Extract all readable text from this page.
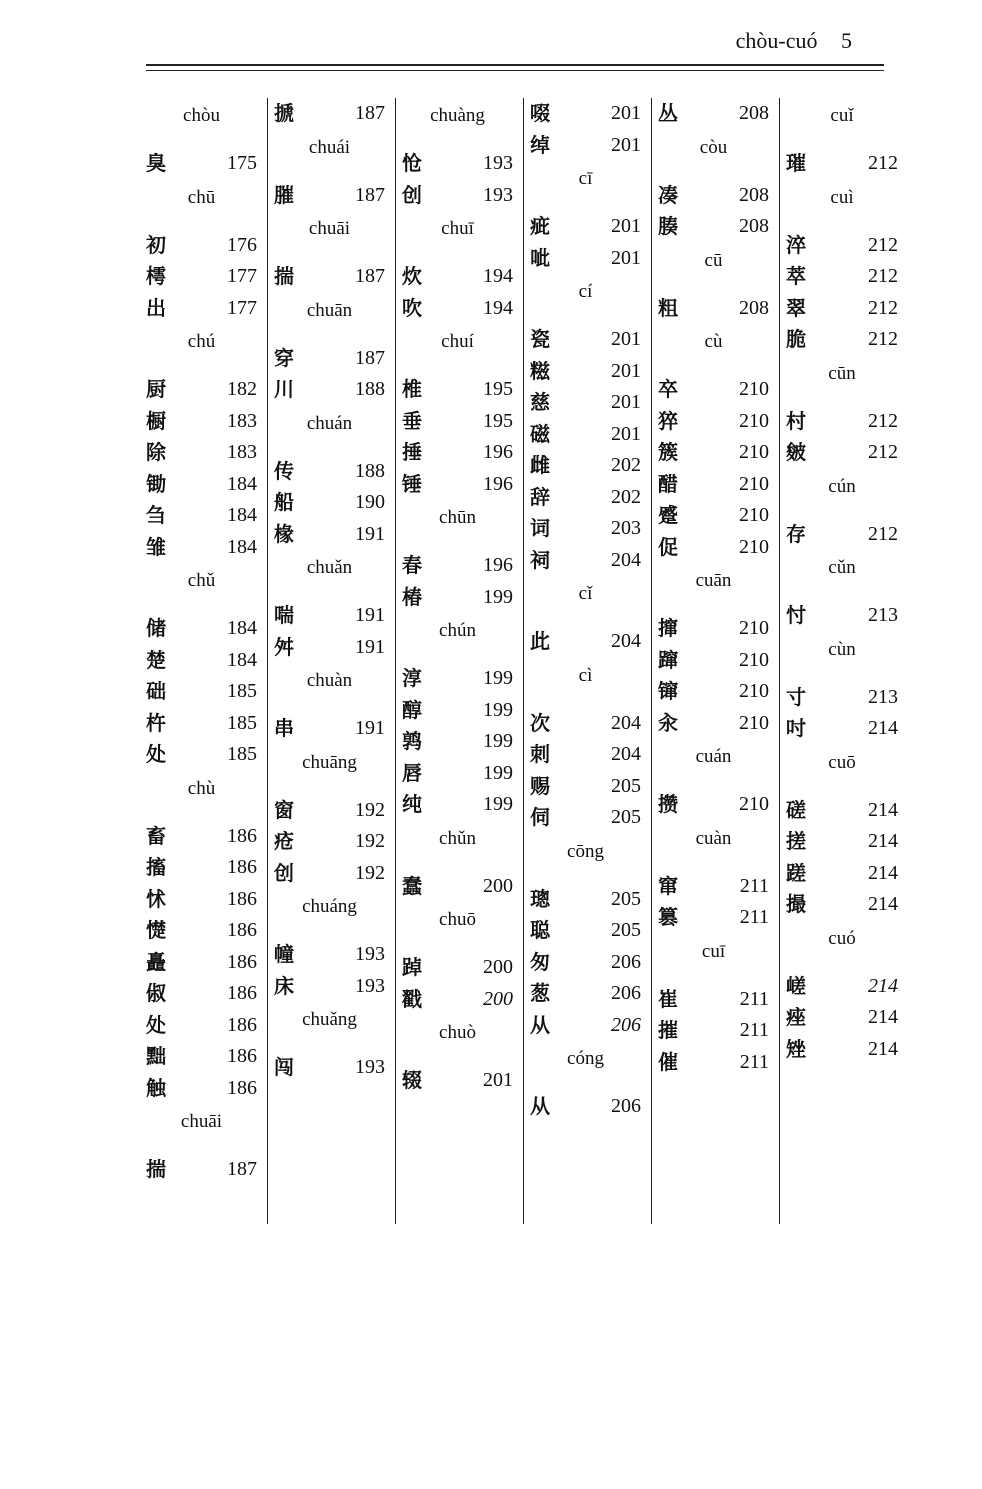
chòu-cuó 5
chòu
臭	175
chū
初	176
樗	177
出	177
chú
厨	182
橱	183
除	183
锄	184
刍	184
雏	184
chǔ
储	184
楚	184
础	185
杵	185
处	185
chù
畜	186
搐	186
怵	186
憷	186
矗	186
俶	186
处	186
黜	186
触	186
chuāi
揣	187
搋	187
chuái
膗	187
chuāi
揣	187
chuān
穿	187
川	188
chuán
传	188
船	190
椽	191
chuǎn
喘	191
舛	191
chuàn
串	191
chuāng
窗	192
疮	192
创	192
chuáng
幢	193
床	193
chuǎng
闯	193
chuàng
怆	193
创	193
chuī
炊	194
吹	194
chuí
椎	195
垂	195
捶	196
锤	196
chūn
春	196
椿	199
chún
淳	199
醇	199
鹑	199
唇	199
纯	199
chǔn
蠢	200
chuō
踔	200
戳	200
chuò
辍	201
啜	201
绰	201
cī
疵	201
呲	201
cí
瓷	201
糍	201
慈	201
磁	201
雌	202
辞	202
词	203
祠	204
cǐ
此	204
cì
次	204
刺	204
赐	205
伺	205
cōng
璁	205
聪	205
匆	206
葱	206
从	206
cóng
从	206
丛	208
còu
凑	208
腠	208
cū
粗	208
cù
卒	210
猝	210
簇	210
醋	210
蹙	210
促	210
cuān
撺	210
蹿	210
镩	210
汆	210
cuán
攒	210
cuàn
窜	211
篡	211
cuī
崔	211
摧	211
催	211
cuǐ
璀	212
cuì
淬	212
萃	212
翠	212
脆	212
cūn
村	212
皴	212
cún
存	212
cǔn
忖	213
cùn
寸	213
吋	214
cuō
磋	214
搓	214
蹉	214
撮	214
cuó
嵯	214
痤	214
矬	214
